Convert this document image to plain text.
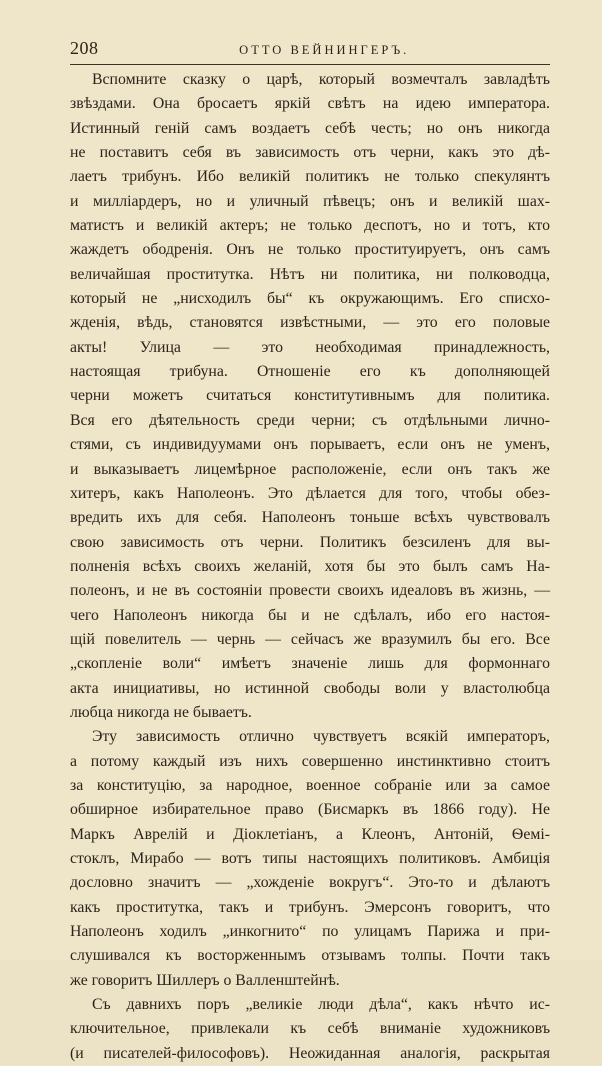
208	ОТТО ВЕЙНИНГЕРЪ.
Вспомните сказку о царѣ, который возмечталъ завладѣть
звѣздами. Она бросаетъ яркій свѣтъ на идею императора.
Истинный геній самъ воздаетъ себѣ честь; но онъ никогда
не поставитъ себя въ зависимость отъ черни, какъ это дѣ-
лаетъ трибунъ. Ибо великій политикъ не только спекулянтъ
и миллiардеръ, но и уличный пѣвецъ; онъ и великій шах-
матистъ и великій актеръ; не только деспотъ, но и тотъ, кто
жаждетъ ободренія. Онъ не только проституируетъ, онъ самъ
величайшая проститутка. Нѣтъ ни политика, ни полководца,
который не „нисходилъ бы“ къ окружающимъ. Его списхо-
жденія, вѣдь, становятся извѣстными, — это его половые
акты! Улица — это необходимая принадлежность,
настоящая трибуна. Отношеніе его къ дополняющей
черни можетъ считаться конститутивнымъ для политика.
Вся его дѣятельность среди черни; съ отдѣльными лично-
стями, съ индивидуумами онъ порываетъ, если онъ не уменъ,
и выказываетъ лицемѣрное расположеніе, если онъ такъ же
хитеръ, какъ Наполеонъ. Это дѣлается для того, чтобы обез-
вредить ихъ для себя. Наполеонъ тоньше всѣхъ чувствовалъ
свою зависимость отъ черни. Политикъ безсиленъ для вы-
полненія всѣхъ своихъ желаній, хотя бы это былъ самъ На-
полеонъ, и не въ состояніи провести своихъ идеаловъ въ жизнь, —
чего Наполеонъ никогда бы и не сдѣлалъ, ибо его настоя-
щій повелитель — чернь — сейчасъ же вразумилъ бы его. Все
„скопленіе воли“ имѣетъ значеніе лишь для формоннаго
акта инициативы, но истинной свободы воли у властолюбца
любца никогда не бываетъ.
Эту зависимость отлично чувствуетъ всякій императоръ,
а потому каждый изъ нихъ совершенно инстинктивно стоитъ
за конституцію, за народное, военное собраніе или за самое
обширное избирательное право (Бисмаркъ въ 1866 году). Не
Маркъ Аврелій и Діоклетіанъ, а Клеонъ, Антоній, Ѳемі-
стоклъ, Мирабо — вотъ типы настоящихъ политиковъ. Амбиція
дословно значитъ — „хожденіе вокругъ“. Это-то и дѣлаютъ
какъ проститутка, такъ и трибунъ. Эмерсонъ говоритъ, что
Наполеонъ ходилъ „инкогнито“ по улицамъ Парижа и при-
слушивался къ восторженнымъ отзывамъ толпы. Почти такъ
же говоритъ Шиллеръ о Валленштейнѣ.
Съ давнихъ поръ „великіе люди дѣла“, какъ нѣчто ис-
ключительное, привлекали къ себѣ вниманіе художниковъ
(и писателей-философовъ). Неожиданная аналогія, раскрытая
